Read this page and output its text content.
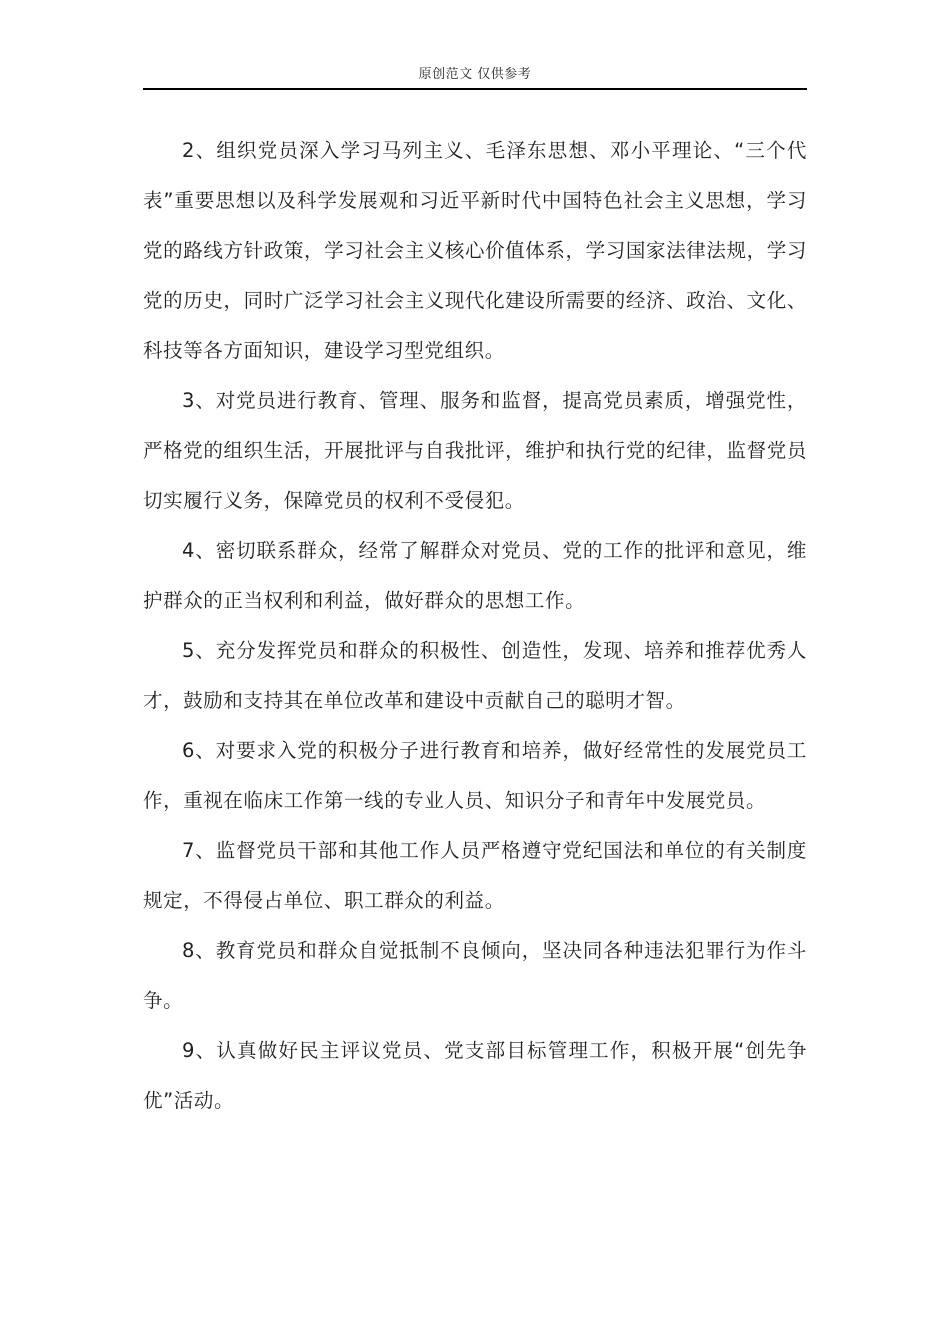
原创范文 仅供参考

2、组织党员深入学习马列主义、毛泽东思想、邓小平理论、“三个代表”重要思想以及科学发展观和习近平新时代中国特色社会主义思想，学习党的路线方针政策，学习社会主义核心价值体系，学习国家法律法规，学习党的历史，同时广泛学习社会主义现代化建设所需要的经济、政治、文化、科技等各方面知识，建设学习型党组织。

3、对党员进行教育、管理、服务和监督，提高党员素质，增强党性，严格党的组织生活，开展批评与自我批评，维护和执行党的纪律，监督党员切实履行义务，保障党员的权利不受侵犯。

4、密切联系群众，经常了解群众对党员、党的工作的批评和意见，维护群众的正当权利和利益，做好群众的思想工作。

5、充分发挥党员和群众的积极性、创造性，发现、培养和推荐优秀人才，鼓励和支持其在单位改革和建设中贡献自己的聪明才智。

6、对要求入党的积极分子进行教育和培养，做好经常性的发展党员工作，重视在临床工作第一线的专业人员、知识分子和青年中发展党员。

7、监督党员干部和其他工作人员严格遵守党纪国法和单位的有关制度规定，不得侵占单位、职工群众的利益。

8、教育党员和群众自觉抵制不良倾向，坚决同各种违法犯罪行为作斗争。

9、认真做好民主评议党员、党支部目标管理工作，积极开展“创先争优”活动。
